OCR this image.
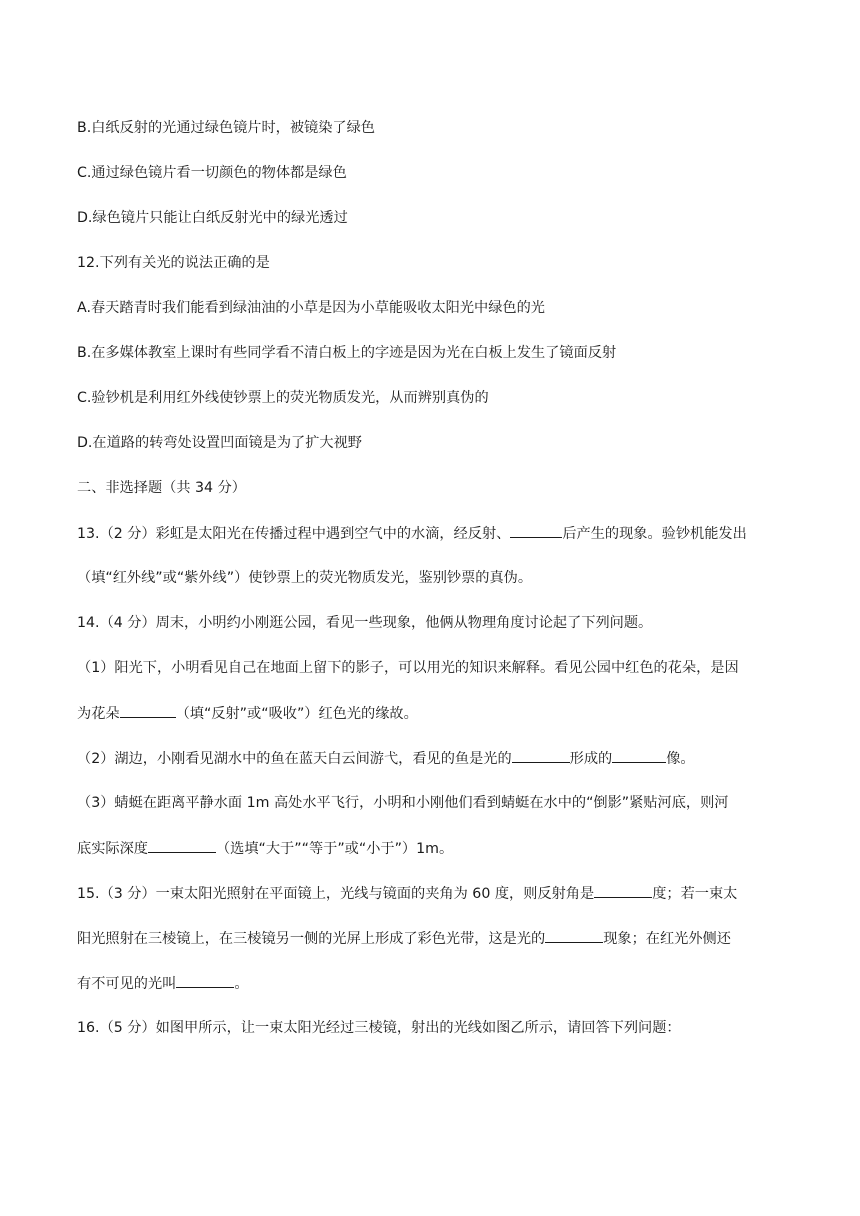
B.白纸反射的光通过绿色镜片时，被镜染了绿色
C.通过绿色镜片看一切颜色的物体都是绿色
D.绿色镜片只能让白纸反射光中的绿光透过
12.下列有关光的说法正确的是
A.春天踏青时我们能看到绿油油的小草是因为小草能吸收太阳光中绿色的光
B.在多媒体教室上课时有些同学看不清白板上的字迹是因为光在白板上发生了镜面反射
C.验钞机是利用红外线使钞票上的荧光物质发光，从而辨别真伪的
D.在道路的转弯处设置凹面镜是为了扩大视野
二、非选择题（共 34 分）
13.（2 分）彩虹是太阳光在传播过程中遇到空气中的水滴，经反射、	后产生的现象。验钞机能发出
（填“红外线”或“紫外线”）使钞票上的荧光物质发光，鉴别钞票的真伪。
14.（4 分）周末，小明约小刚逛公园，看见一些现象，他俩从物理角度讨论起了下列问题。
（1）阳光下，小明看见自己在地面上留下的影子，可以用光的知识来解释。看见公园中红色的花朵，是因
为花朵	（填“反射”或“吸收”）红色光的缘故。
（2）湖边，小刚看见湖水中的鱼在蓝天白云间游弋，看见的鱼是光的	形成的	像。
（3）蜻蜓在距离平静水面 1m 高处水平飞行，小明和小刚他们看到蜻蜓在水中的“倒影”紧贴河底，则河
底实际深度	（选填“大于”“等于”或“小于”）1m。
15.（3 分）一束太阳光照射在平面镜上，光线与镜面的夹角为 60 度，则反射角是	度；若一束太
阳光照射在三棱镜上，在三棱镜另一侧的光屏上形成了彩色光带，这是光的	现象；在红光外侧还
有不可见的光叫	。
16.（5 分）如图甲所示，让一束太阳光经过三棱镜，射出的光线如图乙所示，请回答下列问题：
